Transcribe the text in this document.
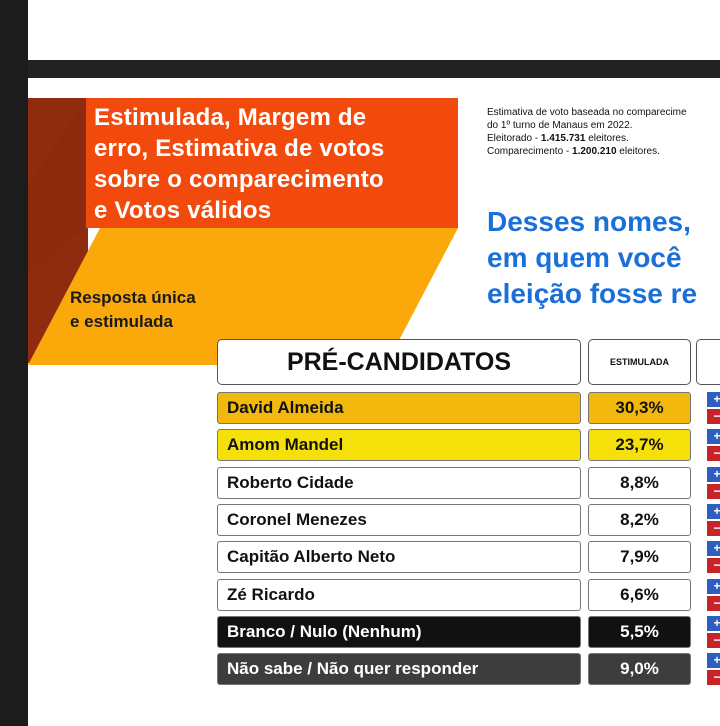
Estimulada, Margem de
erro, Estimativa de votos
sobre o comparecimento
e Votos válidos
Resposta única
e estimulada
Estimativa de voto baseada no comparecime
do 1º turno de Manaus em 2022.
Eleitorado - 1.415.731 eleitores.
Comparecimento - 1.200.210 eleitores.
Desses nomes,
em quem você
eleição fosse re
PRÉ-CANDIDATOS	ESTIMULADA
David Almeida	30,3%	+
−
Amom Mandel	23,7%	+
−
Roberto Cidade	8,8%	+
−
Coronel Menezes	8,2%	+
−
Capitão Alberto Neto	7,9%	+
−
Zé Ricardo	6,6%	+
−
Branco / Nulo (Nenhum)	5,5%	+
−
Não sabe / Não quer responder	9,0%	+
−
